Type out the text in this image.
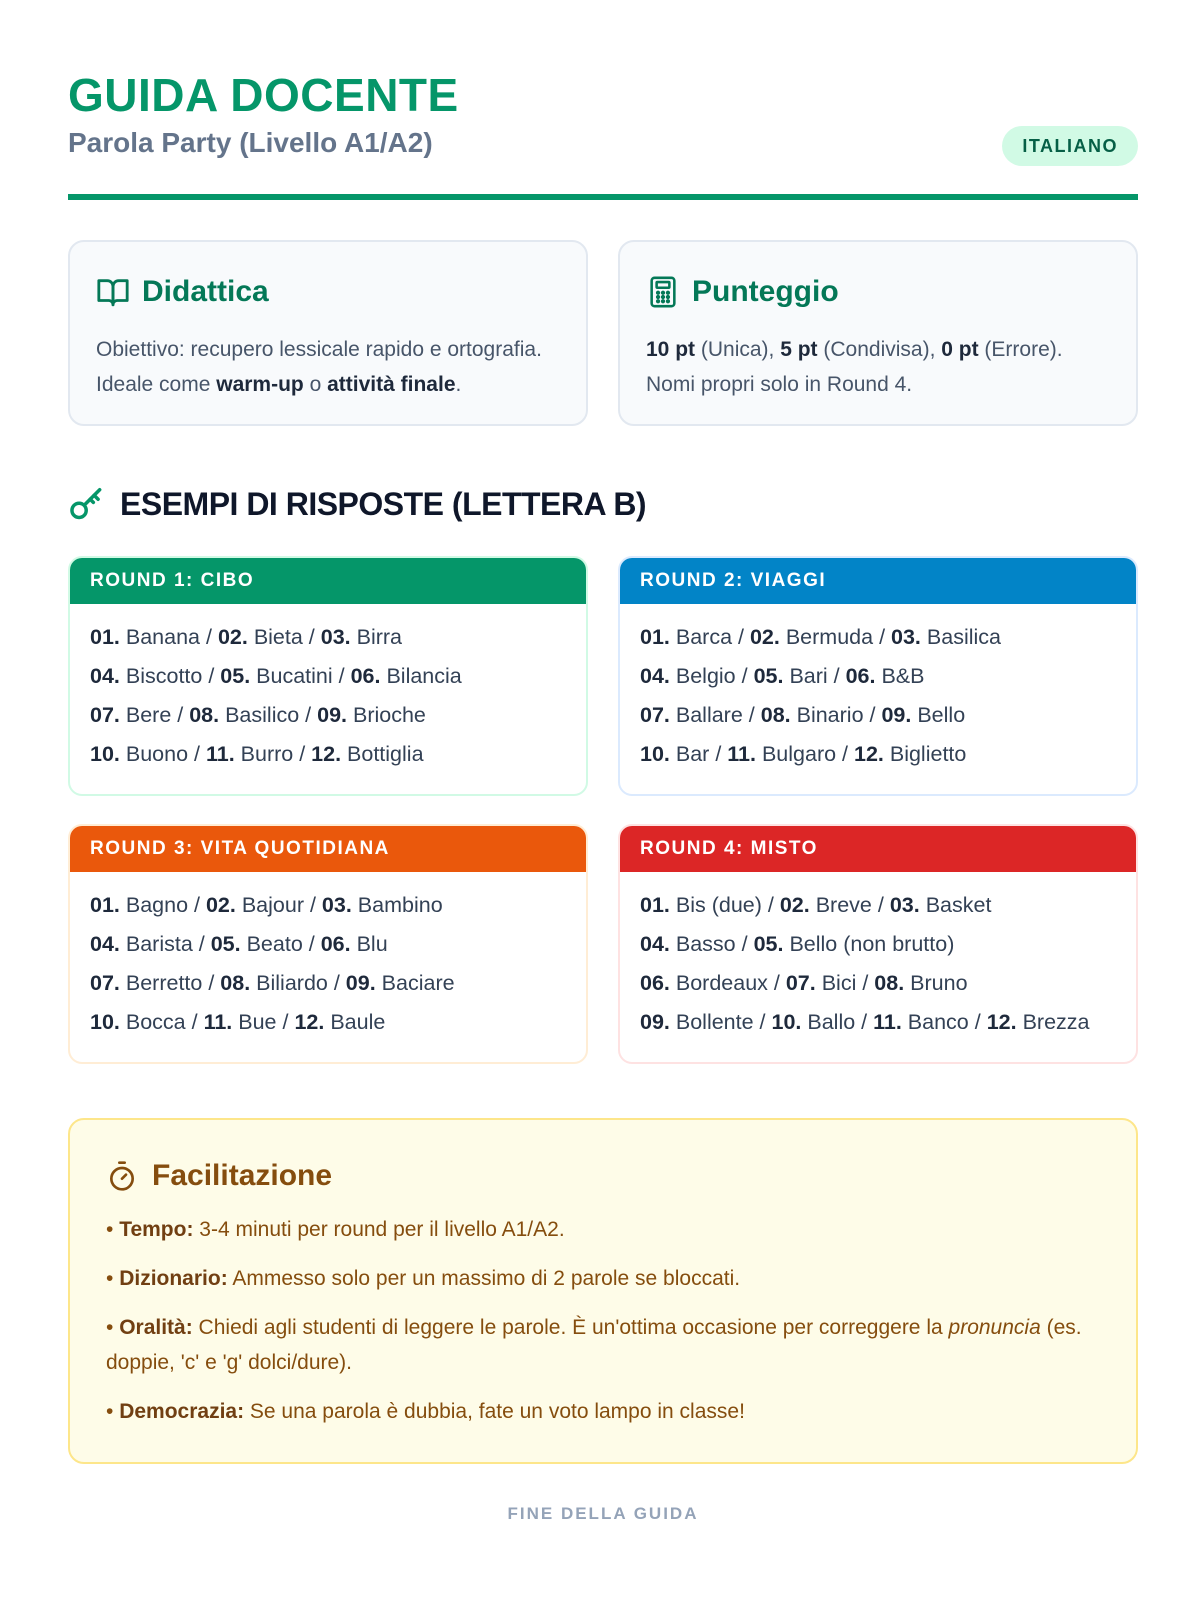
GUIDA DOCENTE
Parola Party (Livello A1/A2)	ITALIANO
Didattica
Obiettivo: recupero lessicale rapido e ortografia.
Ideale come warm-up o attività finale.
Punteggio
10 pt (Unica), 5 pt (Condivisa), 0 pt (Errore).
Nomi propri solo in Round 4.
ESEMPI DI RISPOSTE (LETTERA B)
ROUND 1: CIBO
01. Banana / 02. Bieta / 03. Birra
04. Biscotto / 05. Bucatini / 06. Bilancia
07. Bere / 08. Basilico / 09. Brioche
10. Buono / 11. Burro / 12. Bottiglia
ROUND 2: VIAGGI
01. Barca / 02. Bermuda / 03. Basilica
04. Belgio / 05. Bari / 06. B&B
07. Ballare / 08. Binario / 09. Bello
10. Bar / 11. Bulgaro / 12. Biglietto
ROUND 3: VITA QUOTIDIANA
01. Bagno / 02. Bajour / 03. Bambino
04. Barista / 05. Beato / 06. Blu
07. Berretto / 08. Biliardo / 09. Baciare
10. Bocca / 11. Bue / 12. Baule
ROUND 4: MISTO
01. Bis (due) / 02. Breve / 03. Basket
04. Basso / 05. Bello (non brutto)
06. Bordeaux / 07. Bici / 08. Bruno
09. Bollente / 10. Ballo / 11. Banco / 12. Brezza
Facilitazione
• Tempo: 3-4 minuti per round per il livello A1/A2.
• Dizionario: Ammesso solo per un massimo di 2 parole se bloccati.
• Oralità: Chiedi agli studenti di leggere le parole. È un'ottima occasione per correggere la pronuncia (es. doppie, 'c' e 'g' dolci/dure).
• Democrazia: Se una parola è dubbia, fate un voto lampo in classe!
FINE DELLA GUIDA
